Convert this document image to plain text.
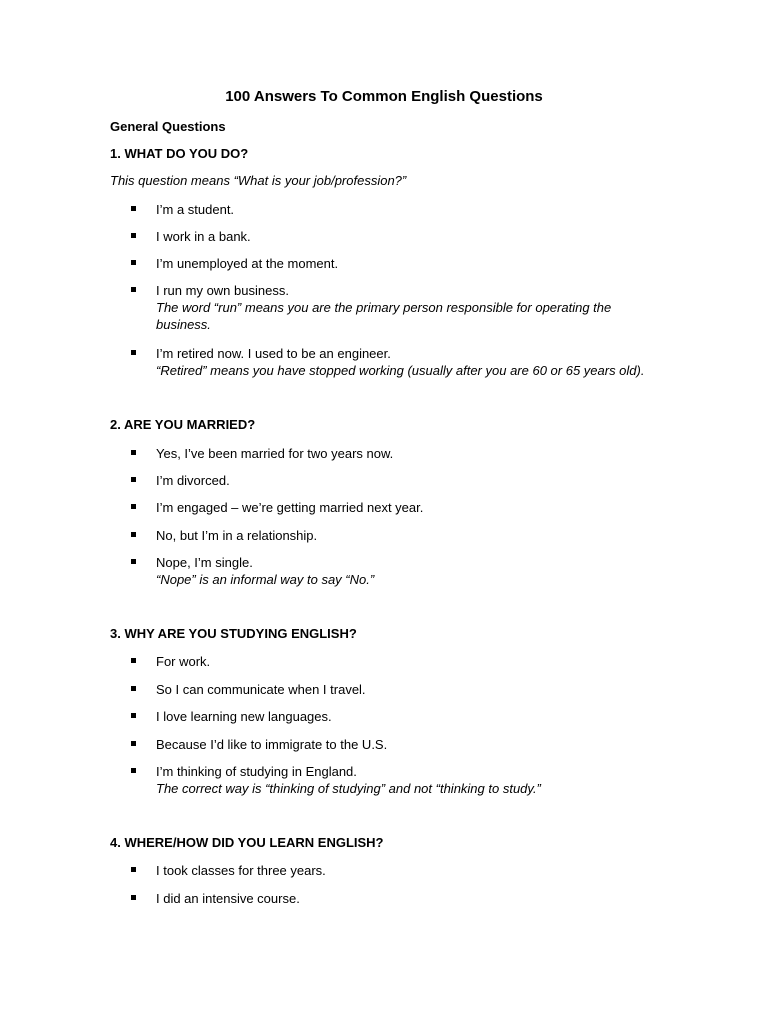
100 Answers To Common English Questions
General Questions
1. WHAT DO YOU DO?
This question means “What is your job/profession?”
I’m a student.
I work in a bank.
I’m unemployed at the moment.
I run my own business.
The word “run” means you are the primary person responsible for operating the business.
I’m retired now. I used to be an engineer.
“Retired” means you have stopped working (usually after you are 60 or 65 years old).
2. ARE YOU MARRIED?
Yes, I’ve been married for two years now.
I’m divorced.
I’m engaged – we’re getting married next year.
No, but I’m in a relationship.
Nope, I’m single.
“Nope” is an informal way to say “No.”
3. WHY ARE YOU STUDYING ENGLISH?
For work.
So I can communicate when I travel.
I love learning new languages.
Because I’d like to immigrate to the U.S.
I’m thinking of studying in England.
The correct way is “thinking of studying” and not “thinking to study.”
4. WHERE/HOW DID YOU LEARN ENGLISH?
I took classes for three years.
I did an intensive course.
